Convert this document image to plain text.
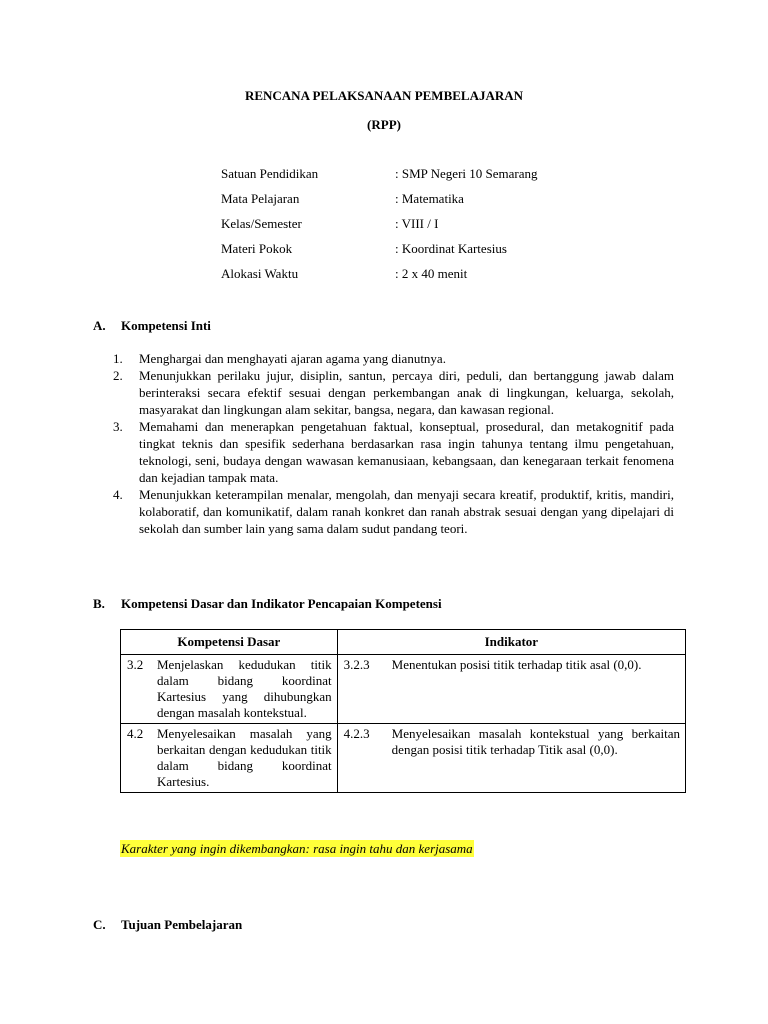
RENCANA PELAKSANAAN PEMBELAJARAN
(RPP)
Satuan Pendidikan	: SMP Negeri 10 Semarang
Mata Pelajaran	: Matematika
Kelas/Semester	: VIII / I
Materi Pokok	: Koordinat Kartesius
Alokasi Waktu	: 2 x 40 menit
A. Kompetensi Inti
1. Menghargai dan menghayati ajaran agama yang dianutnya.
2. Menunjukkan perilaku jujur, disiplin, santun, percaya diri, peduli, dan bertanggung jawab dalam berinteraksi secara efektif sesuai dengan perkembangan anak di lingkungan, keluarga, sekolah, masyarakat dan lingkungan alam sekitar, bangsa, negara, dan kawasan regional.
3. Memahami dan menerapkan pengetahuan faktual, konseptual, prosedural, dan metakognitif pada tingkat teknis dan spesifik sederhana berdasarkan rasa ingin tahunya tentang ilmu pengetahuan, teknologi, seni, budaya dengan wawasan kemanusiaan, kebangsaan, dan kenegaraan terkait fenomena dan kejadian tampak mata.
4. Menunjukkan keterampilan menalar, mengolah, dan menyaji secara kreatif, produktif, kritis, mandiri, kolaboratif, dan komunikatif, dalam ranah konkret dan ranah abstrak sesuai dengan yang dipelajari di sekolah dan sumber lain yang sama dalam sudut pandang teori.
B. Kompetensi Dasar dan Indikator Pencapaian Kompetensi
Kompetensi Dasar	Indikator

3.2 Menjelaskan kedudukan titik dalam bidang koordinat Kartesius yang dihubungkan dengan masalah kontekstual.	3.2.3 Menentukan posisi titik terhadap titik asal (0,0).

4.2 Menyelesaikan masalah yang berkaitan dengan kedudukan titik dalam bidang koordinat Kartesius.	4.2.3 Menyelesaikan masalah kontekstual yang berkaitan dengan posisi titik terhadap Titik asal (0,0).
Karakter yang ingin dikembangkan: rasa ingin tahu dan kerjasama
C. Tujuan Pembelajaran
